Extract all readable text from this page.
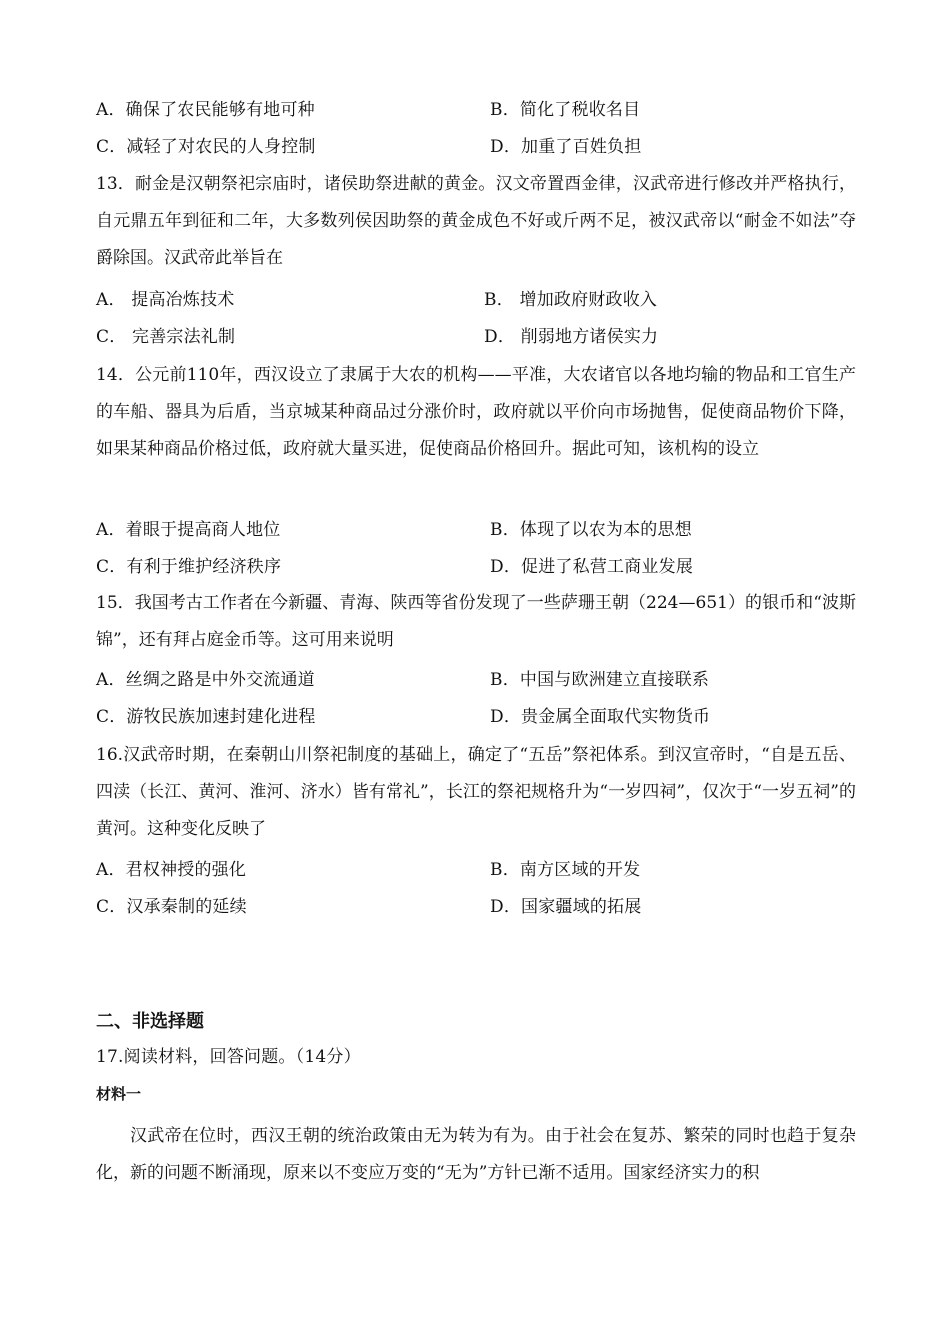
A．确保了农民能够有地可种	B．简化了税收名目
C．减轻了对农民的人身控制	D．加重了百姓负担
13．耐金是汉朝祭祀宗庙时，诸侯助祭进献的黄金。汉文帝置酉金律，汉武帝进行修改并严格执行，自元鼎五年到征和二年，大多数列侯因助祭的黄金成色不好或斤两不足，被汉武帝以“耐金不如法”夺爵除国。汉武帝此举旨在
A． 提高冶炼技术	B． 增加政府财政收入
C． 完善宗法礼制	D． 削弱地方诸侯实力
14．公元前110年，西汉设立了隶属于大农的机构——平准，大农诸官以各地均输的物品和工官生产的车船、器具为后盾，当京城某种商品过分涨价时，政府就以平价向市场抛售，促使商品物价下降，如果某种商品价格过低，政府就大量买进，促使商品价格回升。据此可知，该机构的设立
A．着眼于提高商人地位	B．体现了以农为本的思想
C．有利于维护经济秩序	D．促进了私营工商业发展
15．我国考古工作者在今新疆、青海、陕西等省份发现了一些萨珊王朝（224—651）的银币和“波斯锦”，还有拜占庭金币等。这可用来说明
A．丝绸之路是中外交流通道	B．中国与欧洲建立直接联系
C．游牧民族加速封建化进程	D．贵金属全面取代实物货币
16.汉武帝时期，在秦朝山川祭祀制度的基础上，确定了“五岳”祭祀体系。到汉宣帝时，“自是五岳、四渎（长江、黄河、淮河、济水）皆有常礼”，长江的祭祀规格升为“一岁四祠”，仅次于“一岁五祠”的黄河。这种变化反映了
A．君权神授的强化	B．南方区域的开发
C．汉承秦制的延续	D．国家疆域的拓展
二、非选择题
17.阅读材料，回答问题。（14分）
材料一
汉武帝在位时，西汉王朝的统治政策由无为转为有为。由于社会在复苏、繁荣的同时也趋于复杂化，新的问题不断涌现，原来以不变应万变的“无为”方针已渐不适用。国家经济实力的积
